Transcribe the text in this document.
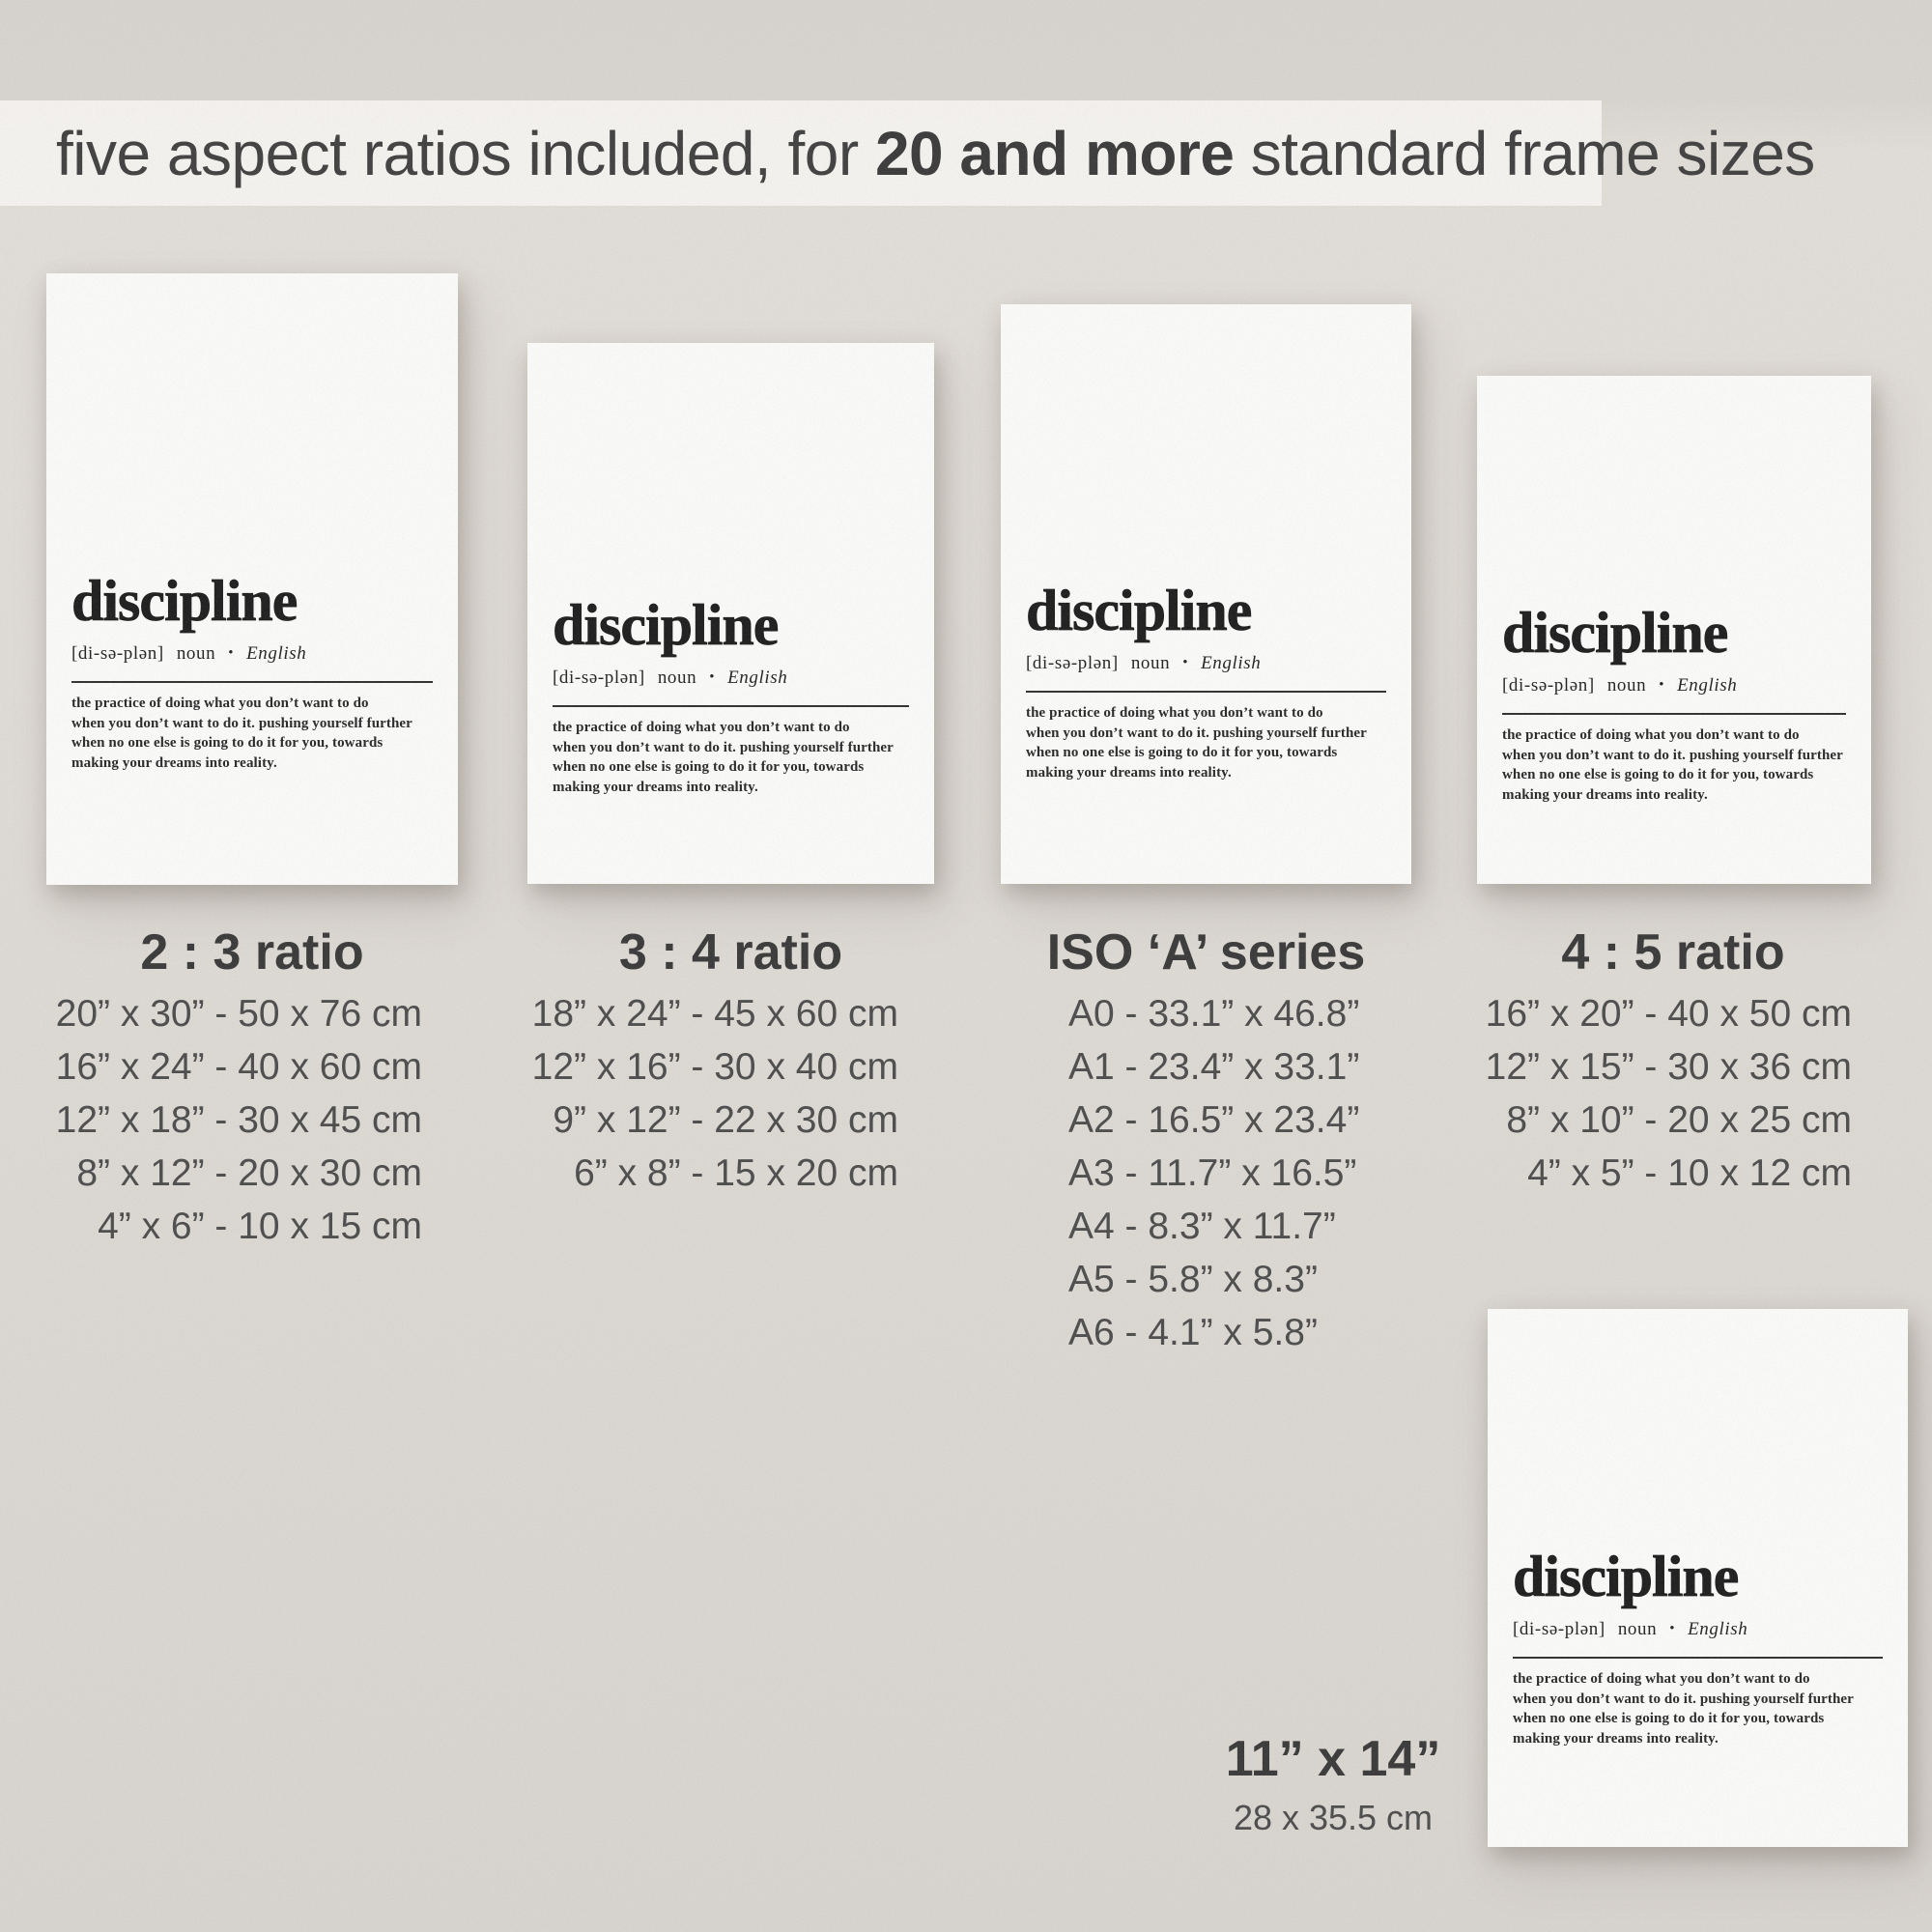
five aspect ratios included, for 20 and more standard frame sizes
discipline
[di-sə-plən] noun • English
the practice of doing what you don’t want to do
when you don’t want to do it. pushing yourself further
when no one else is going to do it for you, towards
making your dreams into reality.
discipline
[di-sə-plən] noun • English
the practice of doing what you don’t want to do
when you don’t want to do it. pushing yourself further
when no one else is going to do it for you, towards
making your dreams into reality.
discipline
[di-sə-plən] noun • English
the practice of doing what you don’t want to do
when you don’t want to do it. pushing yourself further
when no one else is going to do it for you, towards
making your dreams into reality.
discipline
[di-sə-plən] noun • English
the practice of doing what you don’t want to do
when you don’t want to do it. pushing yourself further
when no one else is going to do it for you, towards
making your dreams into reality.
discipline
[di-sə-plən] noun • English
the practice of doing what you don’t want to do
when you don’t want to do it. pushing yourself further
when no one else is going to do it for you, towards
making your dreams into reality.
2 : 3 ratio
20” x 30” - 50 x 76 cm
16” x 24” - 40 x 60 cm
12” x 18” - 30 x 45 cm
8” x 12” - 20 x 30 cm
4” x 6” - 10 x 15 cm
3 : 4 ratio
18” x 24” - 45 x 60 cm
12” x 16” - 30 x 40 cm
9” x 12” - 22 x 30 cm
6” x 8” - 15 x 20 cm
ISO ‘A’ series
A0 - 33.1” x 46.8”
A1 - 23.4” x 33.1”
A2 - 16.5” x 23.4”
A3 - 11.7” x 16.5”
A4 - 8.3” x 11.7”
A5 - 5.8” x 8.3”
A6 - 4.1” x 5.8”
4 : 5 ratio
16” x 20” - 40 x 50 cm
12” x 15” - 30 x 36 cm
8” x 10” - 20 x 25 cm
4” x 5” - 10 x 12 cm
11” x 14”
28 x 35.5 cm
